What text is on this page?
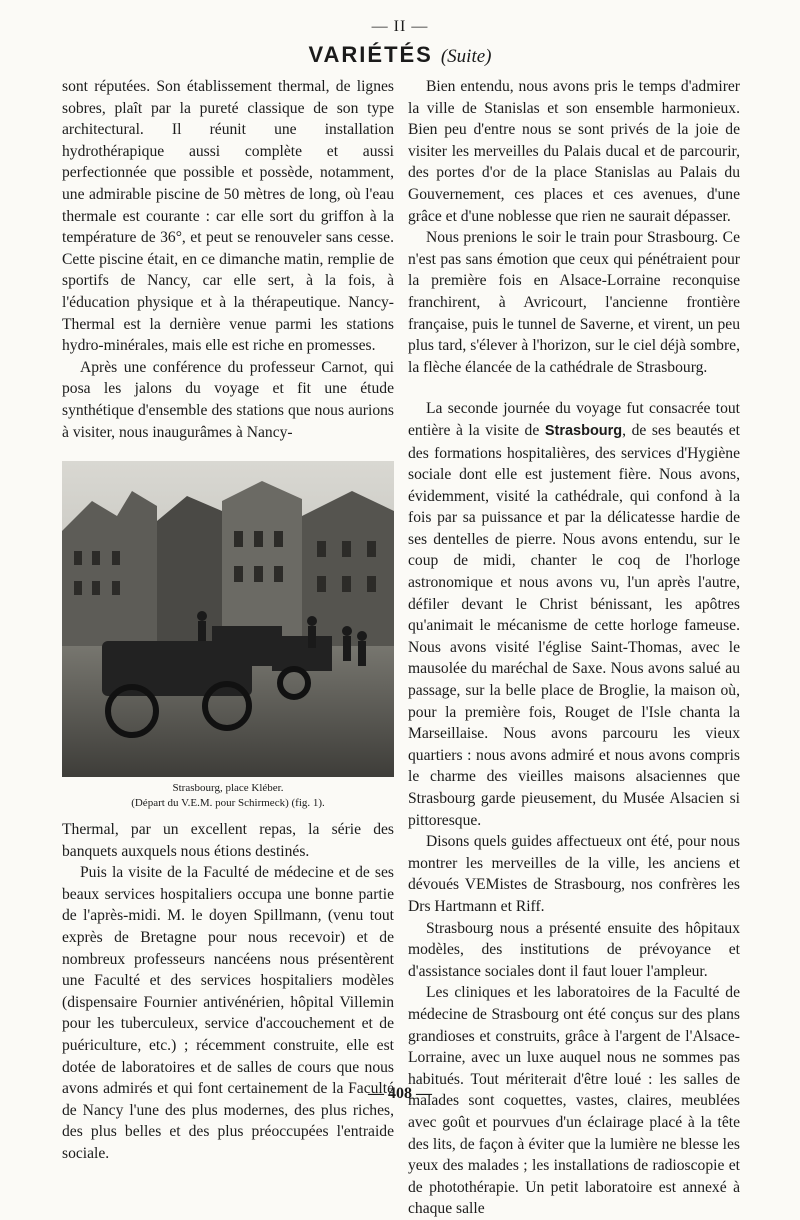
— II —
VARIÉTÉS (Suite)

sont réputées. Son établissement thermal, de lignes sobres, plaît par la pureté classique de son type architectural. Il réunit une installation hydrothérapique aussi complète et aussi perfectionnée que possible et possède, notamment, une admirable piscine de 50 mètres de long, où l'eau thermale est courante : car elle sort du griffon à la température de 36°, et peut se renouveler sans cesse. Cette piscine était, en ce dimanche matin, remplie de sportifs de Nancy, car elle sert, à la fois, à l'éducation physique et à la thérapeutique. Nancy-Thermal est la dernière venue parmi les stations hydro-minérales, mais elle est riche en promesses.

Après une conférence du professeur Carnot, qui posa les jalons du voyage et fit une étude synthétique d'ensemble des stations que nous aurions à visiter, nous inaugurâmes à Nancy-

Strasbourg, place Kléber.
(Départ du V.E.M. pour Schirmeck) (fig. 1).

Thermal, par un excellent repas, la série des banquets auxquels nous étions destinés.

Puis la visite de la Faculté de médecine et de ses beaux services hospitaliers occupa une bonne partie de l'après-midi. M. le doyen Spillmann, (venu tout exprès de Bretagne pour nous recevoir) et de nombreux professeurs nancéens nous présentèrent une Faculté et des services hospitaliers modèles (dispensaire Fournier antivénérien, hôpital Villemin pour les tuberculeux, service d'accouchement et de puériculture, etc.) ; récemment construite, elle est dotée de laboratoires et de salles de cours que nous avons admirés et qui font certainement de la Faculté de Nancy l'une des plus modernes, des plus riches, des plus belles et des plus préoccupées l'entraide sociale.

Bien entendu, nous avons pris le temps d'admirer la ville de Stanislas et son ensemble harmonieux. Bien peu d'entre nous se sont privés de la joie de visiter les merveilles du Palais ducal et de parcourir, des portes d'or de la place Stanislas au Palais du Gouvernement, ces places et ces avenues, d'une grâce et d'une noblesse que rien ne saurait dépasser.

Nous prenions le soir le train pour Strasbourg. Ce n'est pas sans émotion que ceux qui pénétraient pour la première fois en Alsace-Lorraine reconquise franchirent, à Avricourt, l'ancienne frontière française, puis le tunnel de Saverne, et virent, un peu plus tard, s'élever à l'horizon, sur le ciel déjà sombre, la flèche élancée de la cathédrale de Strasbourg.

La seconde journée du voyage fut consacrée tout entière à la visite de Strasbourg, de ses beautés et des formations hospitalières, des services d'Hygiène sociale dont elle est justement fière. Nous avons, évidemment, visité la cathédrale, qui confond à la fois par sa puissance et par la délicatesse hardie de ses dentelles de pierre. Nous avons entendu, sur le coup de midi, chanter le coq de l'horloge astronomique et nous avons vu, l'un après l'autre, défiler devant le Christ bénissant, les apôtres qu'animait le mécanisme de cette horloge fameuse. Nous avons visité l'église Saint-Thomas, avec le mausolée du maréchal de Saxe. Nous avons salué au passage, sur la belle place de Broglie, la maison où, pour la première fois, Rouget de l'Isle chanta la Marseillaise. Nous avons parcouru les vieux quartiers : nous avons admiré et nous avons compris le charme des vieilles maisons alsaciennes que Strasbourg garde pieusement, du Musée Alsacien si pittoresque.

Disons quels guides affectueux ont été, pour nous montrer les merveilles de la ville, les anciens et dévoués VEMistes de Strasbourg, nos confrères les Drs Hartmann et Riff.

Strasbourg nous a présenté ensuite des hôpitaux modèles, des institutions de prévoyance et d'assistance sociales dont il faut louer l'ampleur.

Les cliniques et les laboratoires de la Faculté de médecine de Strasbourg ont été conçus sur des plans grandioses et construits, grâce à l'argent de l'Alsace-Lorraine, avec un luxe auquel nous ne sommes pas habitués. Tout mériterait d'être loué : les salles de malades sont coquettes, vastes, claires, meublées avec goût et pourvues d'un éclairage placé à la tête des lits, de façon à éviter que la lumière ne blesse les yeux des malades ; les installations de radioscopie et de photothérapie. Un petit laboratoire est annexé à chaque salle

— 408 —
